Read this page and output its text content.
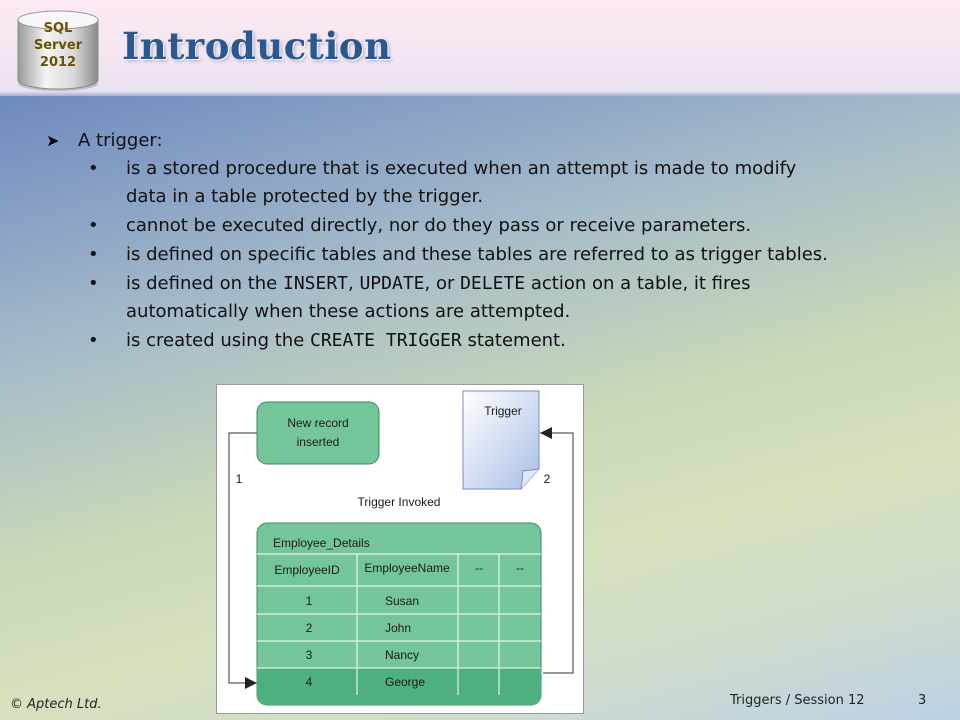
SQL
Server
2012	Introduction
➤	A trigger:
• is a stored procedure that is executed when an attempt is made to modify
data in a table protected by the trigger.
• cannot be executed directly, nor do they pass or receive parameters.
• is defined on specific tables and these tables are referred to as trigger tables.
• is defined on the INSERT, UPDATE, or DELETE action on a table, it fires
automatically when these actions are attempted.
• is created using the CREATE TRIGGER statement.
New record
inserted
Trigger
1	2
Trigger Invoked
Employee_Details
EmployeeID EmployeeName --	--
1	Susan
2	John
3	Nancy
4	George
© Aptech Ltd.	Triggers / Session 12	3
